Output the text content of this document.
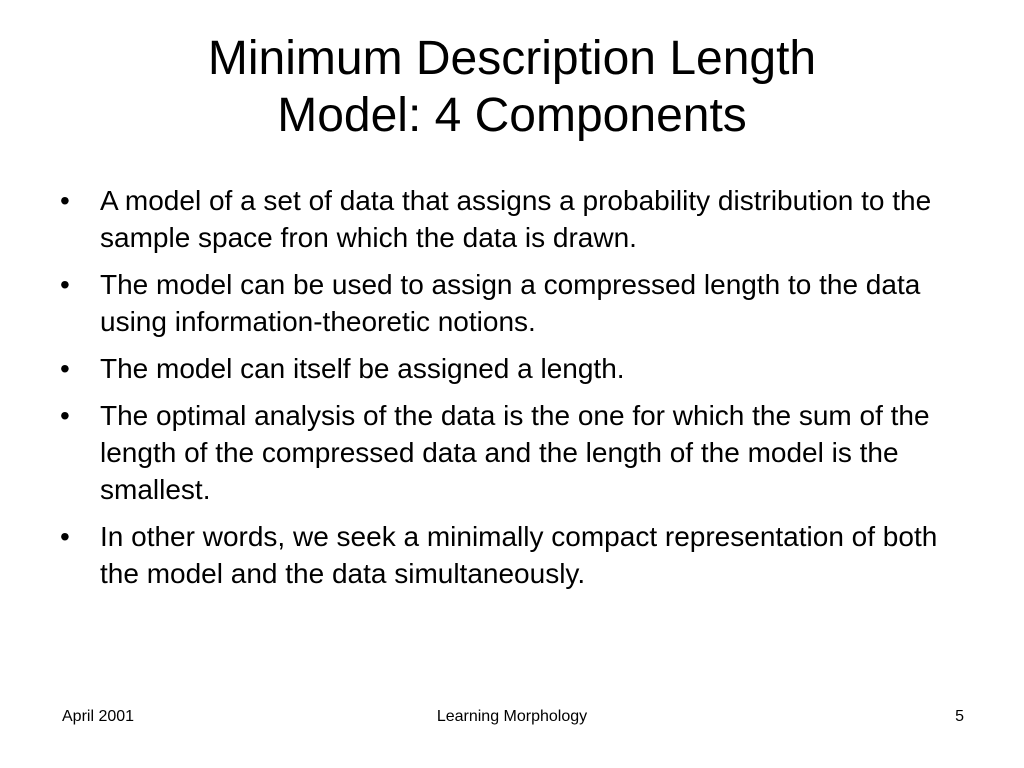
Minimum Description Length
Model: 4 Components
•	A model of a set of data that assigns a probability distribution to the sample space fron which the data is drawn.
•	The model can be used to assign a compressed length to the data using information-theoretic notions.
•	The model can itself be assigned a length.
•	The optimal analysis of the data is the one for which the sum of the length of the compressed data and the length of the model is the smallest.
•	In other words, we seek a minimally compact representation of both the model and the data simultaneously.
April 2001	Learning Morphology	5
